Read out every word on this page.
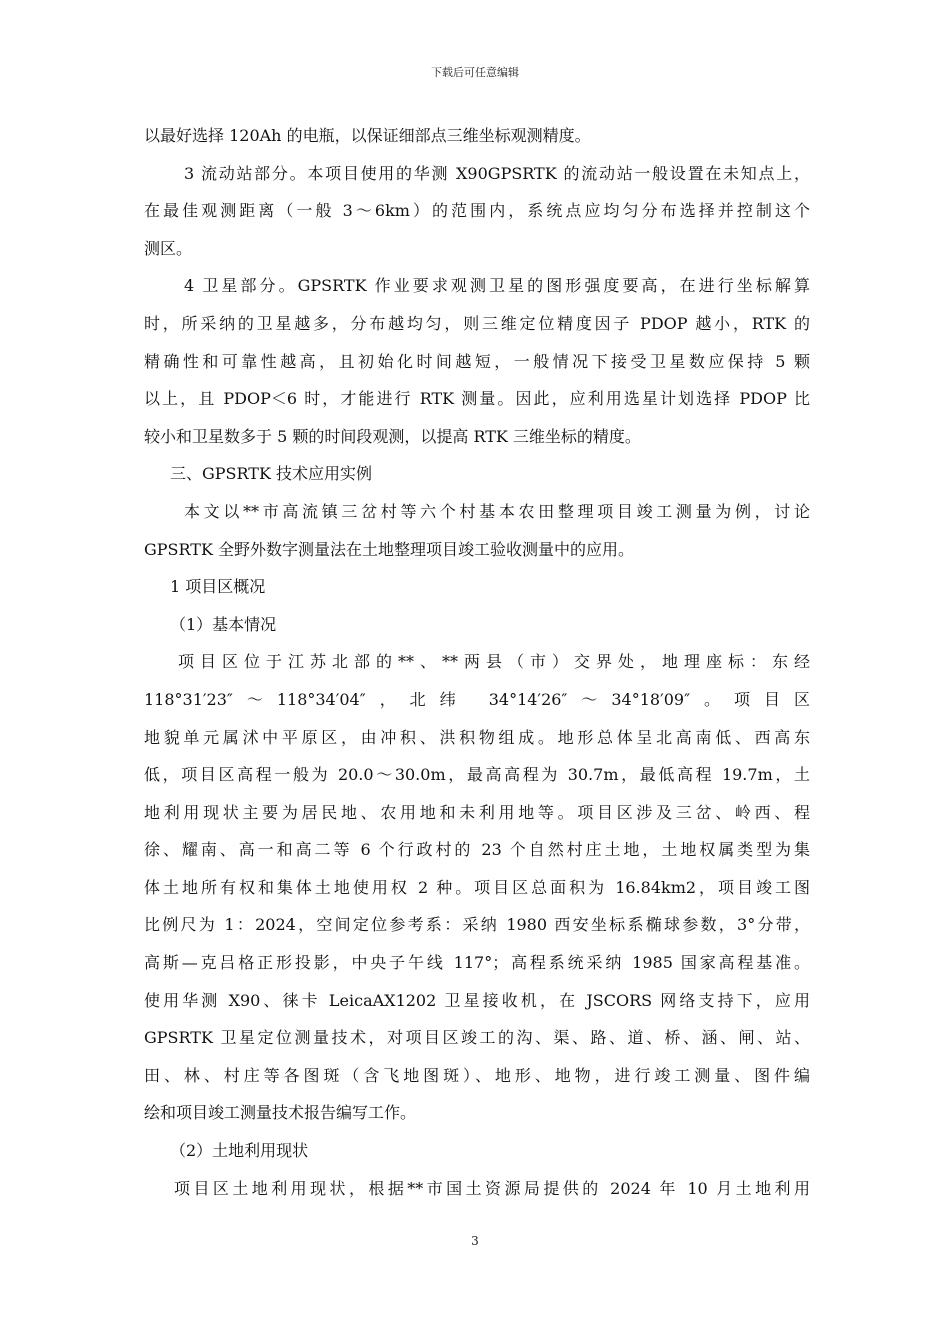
下载后可任意编辑
以最好选择 120Ah 的电瓶，以保证细部点三维坐标观测精度。
3 流动站部分。本项目使用的华测 X90GPSRTK 的流动站一般设置在未知点上，
在最佳观测距离（一般 3～6km）的范围内，系统点应均匀分布选择并控制这个
测区。
4 卫星部分。GPSRTK 作业要求观测卫星的图形强度要高，在进行坐标解算
时，所采纳的卫星越多，分布越均匀，则三维定位精度因子 PDOP 越小，RTK 的
精确性和可靠性越高，且初始化时间越短，一般情况下接受卫星数应保持 5 颗
以上，且 PDOP＜6 时，才能进行 RTK 测量。因此，应利用选星计划选择 PDOP 比
较小和卫星数多于 5 颗的时间段观测，以提高 RTK 三维坐标的精度。
三、GPSRTK 技术应用实例
本文以**市高流镇三岔村等六个村基本农田整理项目竣工测量为例，讨论
GPSRTK 全野外数字测量法在土地整理项目竣工验收测量中的应用。
1 项目区概况
（1）基本情况
项目区位于江苏北部的**、**两县（市）交界处，地理座标：东经
118°31′23″～118°34′04″，北纬 34°14′26″～34°18′09″。项目区
地貌单元属沭中平原区，由冲积、洪积物组成。地形总体呈北高南低、西高东
低，项目区高程一般为 20.0～30.0m，最高高程为 30.7m，最低高程 19.7m，土
地利用现状主要为居民地、农用地和未利用地等。项目区涉及三岔、岭西、程
徐、耀南、高一和高二等 6 个行政村的 23 个自然村庄土地，土地权属类型为集
体土地所有权和集体土地使用权 2 种。项目区总面积为 16.84km2，项目竣工图
比例尺为 1：2024，空间定位参考系：采纳 1980 西安坐标系椭球参数，3°分带，
高斯—克吕格正形投影，中央子午线 117°；高程系统采纳 1985 国家高程基准。
使用华测 X90、徕卡 LeicaAX1202 卫星接收机，在 JSCORS 网络支持下，应用
GPSRTK 卫星定位测量技术，对项目区竣工的沟、渠、路、道、桥、涵、闸、站、
田、林、村庄等各图斑（含飞地图斑）、地形、地物，进行竣工测量、图件编
绘和项目竣工测量技术报告编写工作。
（2）土地利用现状
项目区土地利用现状，根据**市国土资源局提供的 2024 年 10 月土地利用
3
